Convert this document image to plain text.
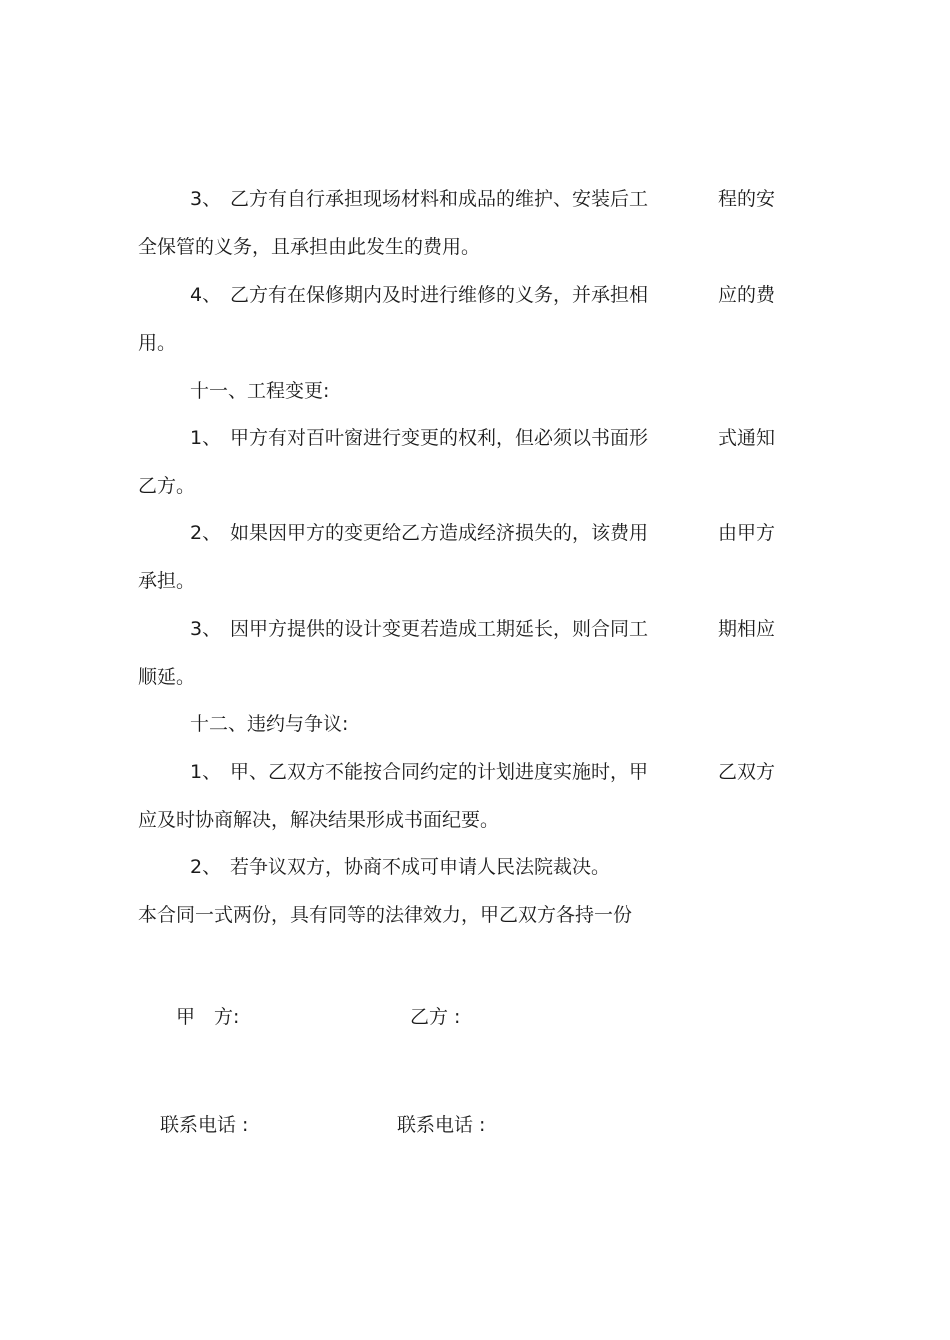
3、 乙方有自行承担现场材料和成品的维护、安装后工	程的安
全保管的义务，且承担由此发生的费用。
4、 乙方有在保修期内及时进行维修的义务，并承担相	应的费
用。
十一、工程变更:
1、 甲方有对百叶窗进行变更的权利，但必须以书面形	式通知
乙方。
2、 如果因甲方的变更给乙方造成经济损失的，该费用	由甲方
承担。
3、 因甲方提供的设计变更若造成工期延长，则合同工	期相应
顺延。
十二、违约与争议:
1、 甲、乙双方不能按合同约定的计划进度实施时，甲	乙双方
应及时协商解决，解决结果形成书面纪要。
2、 若争议双方，协商不成可申请人民法院裁决。
本合同一式两份，具有同等的法律效力，甲乙双方各持一份
甲　方:	乙方 :
联系电话 :	联系电话 :
